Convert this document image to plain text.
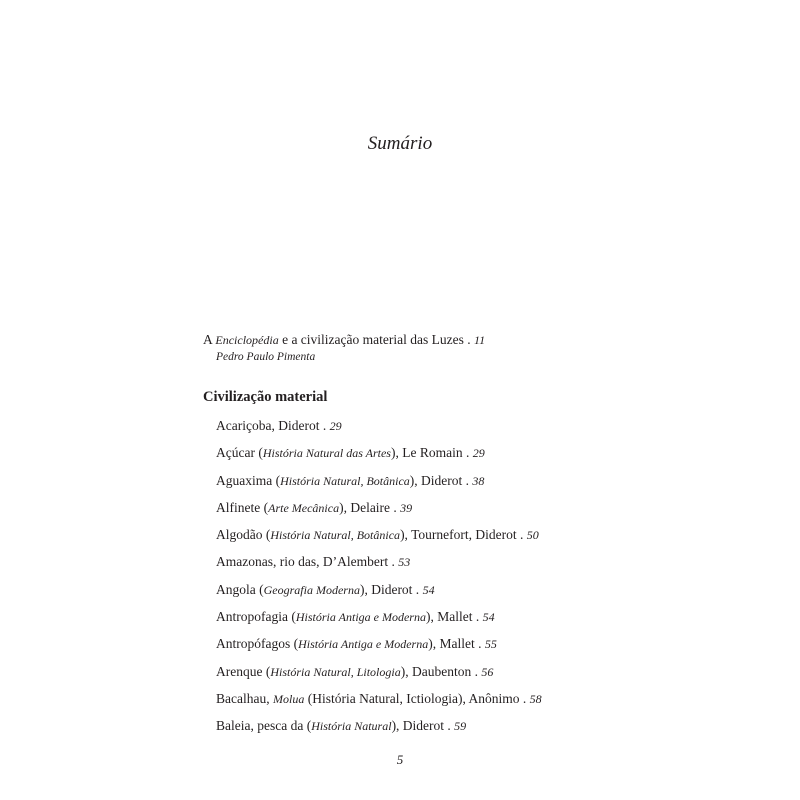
Sumário
A Enciclopédia e a civilização material das Luzes . 11
Pedro Paulo Pimenta
Civilização material
Acariçoba, Diderot . 29
Açúcar (História Natural das Artes), Le Romain . 29
Aguaxima (História Natural, Botânica), Diderot . 38
Alfinete (Arte Mecânica), Delaire . 39
Algodão (História Natural, Botânica), Tournefort, Diderot . 50
Amazonas, rio das, D’Alembert . 53
Angola (Geografia Moderna), Diderot . 54
Antropofagia (História Antiga e Moderna), Mallet . 54
Antropófagos (História Antiga e Moderna), Mallet . 55
Arenque (História Natural, Litologia), Daubenton . 56
Bacalhau, Molua (História Natural, Ictiologia), Anônimo . 58
Baleia, pesca da (História Natural), Diderot . 59
5
